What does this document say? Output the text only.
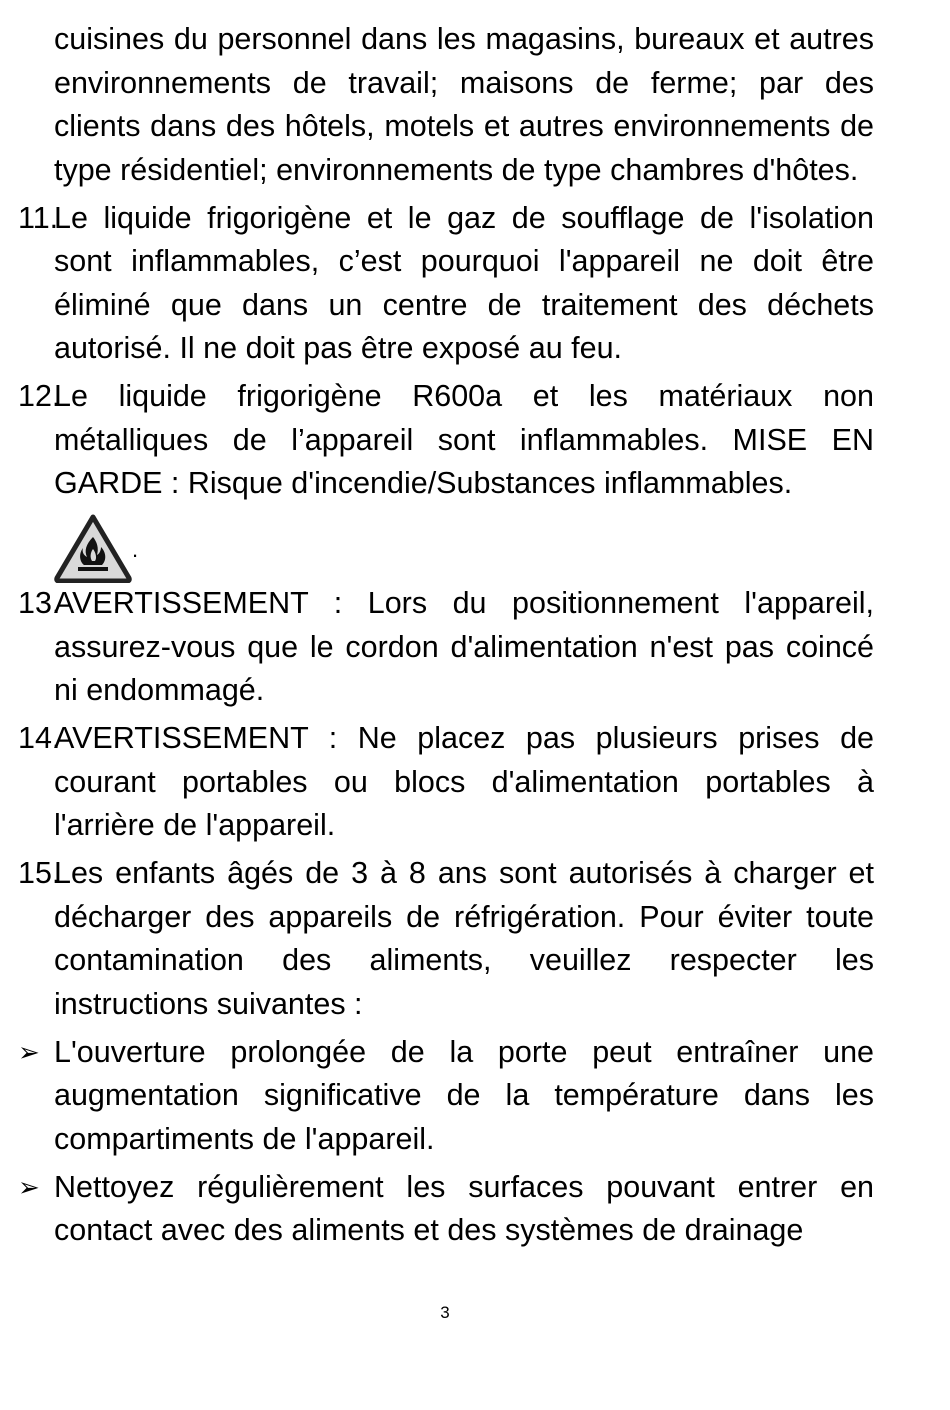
cuisines du personnel dans les magasins, bureaux et autres environnements de travail; maisons de ferme; par des clients dans des hôtels, motels et autres environnements de type résidentiel; environnements de type chambres d'hôtes.
11.
Le liquide frigorigène et le gaz de soufflage de l'isolation sont inflammables, c’est pourquoi l'appareil ne doit être éliminé que dans un centre de traitement des déchets autorisé. Il ne doit pas être exposé au feu.
12.
Le liquide frigorigène R600a et les matériaux non métalliques de l’appareil sont inflammables. MISE EN GARDE : Risque d'incendie/Substances inflammables.
.
13.
AVERTISSEMENT : Lors du positionnement l'appareil, assurez-vous que le cordon d'alimentation n'est pas coincé ni endommagé.
14.
AVERTISSEMENT : Ne placez pas plusieurs prises de courant portables ou blocs d'alimentation portables à l'arrière de l'appareil.
15.
Les enfants âgés de 3 à 8 ans sont autorisés à charger et décharger des appareils de réfrigération. Pour éviter toute contamination des aliments, veuillez respecter les instructions suivantes :
➢ L'ouverture prolongée de la porte peut entraîner une augmentation significative de la température dans les compartiments de l'appareil.
➢ Nettoyez régulièrement les surfaces pouvant entrer en contact avec des aliments et des systèmes de drainage
3
